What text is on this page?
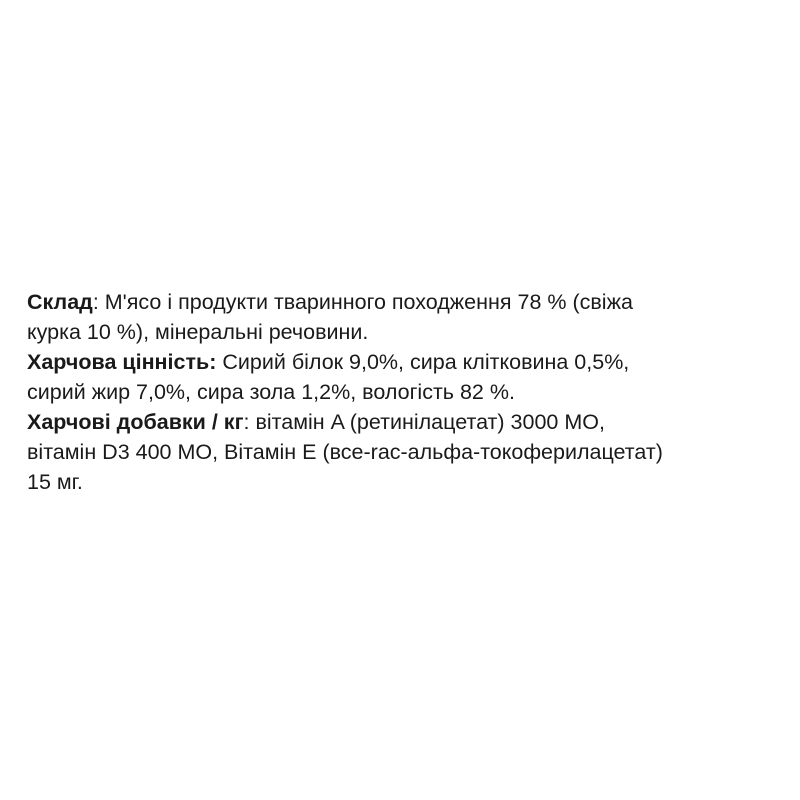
Склад: М'ясо і продукти тваринного походження 78 % (свіжа
курка 10 %), мінеральні речовини.
Харчова цінність: Сирий білок 9,0%, сира клітковина 0,5%,
сирий жир 7,0%, сира зола 1,2%, вологість 82 %.
Харчові добавки / кг: вітамін A (ретинілацетат) 3000 МО,
вітамін D3 400 МО, Вітамін Е (все-rac-альфа-токоферилацетат)
15 мг.
